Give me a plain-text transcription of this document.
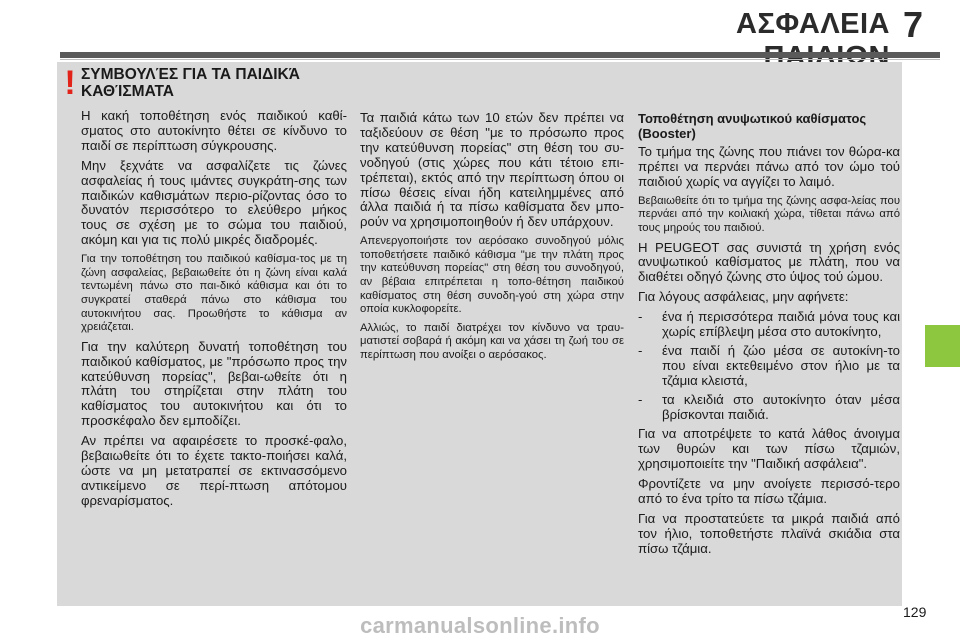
ΑΣΦΑΛΕΙΑ 7
! ΣΥΜΒΟΥΛΈΣ ΓΙΑ ΤΑ ΠΑΙΔΙΚΆ ΚΑΘΊΣΜΑΤΑ

Η κακή τοποθέτηση ενός παιδικού καθί-σματος στο αυτοκίνητο θέτει σε κίνδυνο το παιδί σε περίπτωση σύγκρουσης.

Μην ξεχνάτε να ασφαλίζετε τις ζώνες ασφαλείας ή τους ιμάντες συγκράτη-σης των παιδικών καθισμάτων περιο-ρίζοντας όσο το δυνατόν περισσότερο το ελεύθερο μήκος τους σε σχέση με το σώμα του παιδιού, ακόμη και για τις πολύ μικρές διαδρομές.

Για την τοποθέτηση του παιδικού καθίσμα-τος με τη ζώνη ασφαλείας, βεβαιωθείτε ότι η ζώνη είναι καλά τεντωμένη πάνω στο παι-δικό κάθισμα και ότι το συγκρατεί σταθερά πάνω στο κάθισμα του αυτοκινήτου σας. Προωθήστε το κάθισμα αν χρειάζεται.

Για την καλύτερη δυνατή τοποθέτηση του παιδικού καθίσματος, με "πρόσωπο προς την κατεύθυνση πορείας", βεβαι-ωθείτε ότι η πλάτη του στηρίζεται στην πλάτη του καθίσματος του αυτοκινήτου και ότι το προσκέφαλο δεν εμποδίζει.

Αν πρέπει να αφαιρέσετε το προσκέ-φαλο, βεβαιωθείτε ότι το έχετε τακτο-ποιήσει καλά, ώστε να μη μετατραπεί σε εκτινασσόμενο αντικείμενο σε περί-πτωση απότομου φρεναρίσματος.

Τα παιδιά κάτω των 10 ετών δεν πρέπει να ταξιδεύουν σε θέση "με το πρόσωπο προς την κατεύθυνση πορείας" στη θέση του συ-νοδηγού (στις χώρες που κάτι τέτοιο επι-τρέπεται), εκτός από την περίπτωση όπου οι πίσω θέσεις είναι ήδη κατειλημμένες από άλλα παιδιά ή τα πίσω καθίσματα δεν μπο-ρούν να χρησιμοποιηθούν ή δεν υπάρχουν.

Απενεργοποιήστε τον αερόσακο συνοδηγού μόλις τοποθετήσετε παιδικό κάθισμα "με την πλάτη προς την κατεύθυνση πορείας" στη θέση του συνοδηγού, αν βέβαια επιτρέπεται η τοπο-θέτηση παιδικού καθίσματος στη θέση συνοδη-γού στη χώρα στην οποία κυκλοφορείτε.

Αλλιώς, το παιδί διατρέχει τον κίνδυνο να τραυ-ματιστεί σοβαρά ή ακόμη και να χάσει τη ζωή του σε περίπτωση που ανοίξει ο αερόσακος.

Τοποθέτηση ανυψωτικού καθίσματος (Booster)

Το τμήμα της ζώνης που πιάνει τον θώρα-κα πρέπει να περνάει πάνω από τον ώμο τού παιδιού χωρίς να αγγίζει το λαιμό.

Βεβαιωθείτε ότι το τμήμα της ζώνης ασφα-λείας που περνάει από την κοιλιακή χώρα, τίθεται πάνω από τους μηρούς του παιδιού.

Η PEUGEOT σας συνιστά τη χρήση ενός ανυψωτικού καθίσματος με πλάτη, που να διαθέτει οδηγό ζώνης στο ύψος τού ώμου.

Για λόγους ασφάλειας, μην αφήνετε:

- ένα ή περισσότερα παιδιά μόνα τους και χωρίς επίβλεψη μέσα στο αυτοκίνητο,
- ένα παιδί ή ζώο μέσα σε αυτοκίνη-το που είναι εκτεθειμένο στον ήλιο με τα τζάμια κλειστά,
- τα κλειδιά στο αυτοκίνητο όταν μέσα βρίσκονται παιδιά.

Για να αποτρέψετε το κατά λάθος άνοιγμα των θυρών και των πίσω τζαμιών, χρησιμοποιείτε την "Παιδική ασφάλεια".

Φροντίζετε να μην ανοίγετε περισσό-τερο από το ένα τρίτο τα πίσω τζάμια.

Για να προστατεύετε τα μικρά παιδιά από τον ήλιο, τοποθετήστε πλαϊνά σκιάδια στα πίσω τζάμια.

129
carmanualsonline.info
